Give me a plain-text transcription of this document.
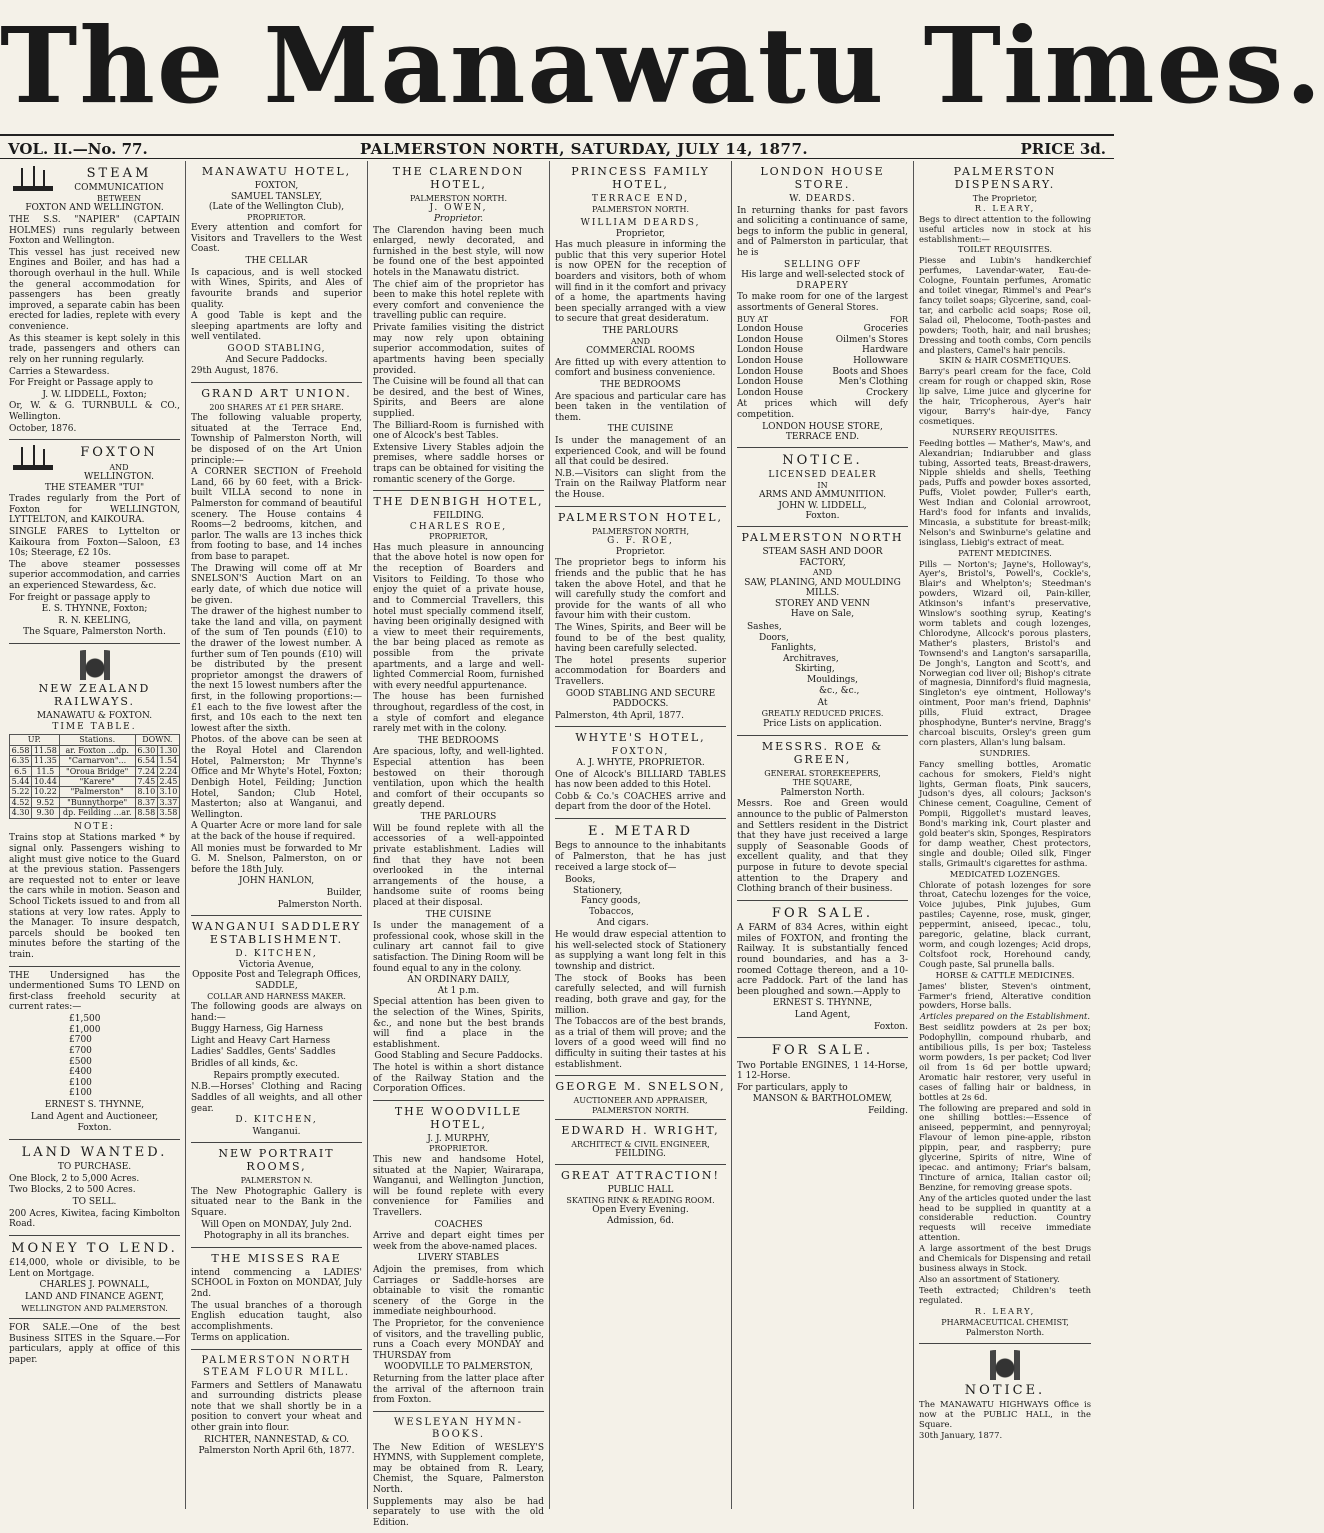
The Manawatu Times.
VOL. II.—No. 77.	PALMERSTON NORTH, SATURDAY, JULY 14, 1877.	PRICE 3d.
STEAM
COMMUNICATION
BETWEEN
FOXTON AND WELLINGTON.

THE S.S. "NAPIER" (CAPTAIN HOLMES) runs regularly between Foxton and Wellington.

This vessel has just received new Engines and Boiler, and has had a thorough overhaul in the hull. While the general accommodation for passengers has been greatly improved, a separate cabin has been erected for ladies, replete with every convenience.

As this steamer is kept solely in this trade, passengers and others can rely on her running regularly.

Carries a Stewardess.

For Freight or Passage apply to

J. W. LIDDELL, Foxton;

Or, W. & G. TURNBULL & CO., Wellington.

October, 1876.

FOXTON
AND
WELLINGTON.
THE STEAMER "TUI"

Trades regularly from the Port of Foxton for WELLINGTON, LYTTELTON, and KAIKOURA.

SINGLE FARES to Lyttelton or Kaikoura from Foxton—Saloon, £3 10s; Steerage, £2 10s.

The above steamer possesses superior accommodation, and carries an experienced Stewardess, &c.

For freight or passage apply to

E. S. THYNNE, Foxton;

R. N. KEELING,

The Square, Palmerston North.

NEW ZEALAND RAILWAYS.
MANAWATU & FOXTON.
TIME TABLE.
UP.		Stations.	DOWN.	
6.58	11.58	ar. Foxton ...dp.	6.30	1.30
6.35	11.35	"Carnarvon"...	6.54	1.54
6.5	11.5	"Oroua Bridge"	7.24	2.24
5.44	10.44	"Karere"	7.45	2.45
5.22	10.22	"Palmerston"	8.10	3.10
4.52	9.52	"Bunnythorpe"	8.37	3.37
4.30	9.30	dp. Feilding ...ar.	8.58	3.58
NOTE:

Trains stop at Stations marked * by signal only. Passengers wishing to alight must give notice to the Guard at the previous station. Passengers are requested not to enter or leave the cars while in motion. Season and School Tickets issued to and from all stations at very low rates. Apply to the Manager. To insure despatch, parcels should be booked ten minutes before the starting of the train.

THE Undersigned has the undermentioned Sums TO LEND on first-class freehold security at current rates:—

£1,500
£1,000
£700
£700
£500
£400
£100
£100

ERNEST S. THYNNE,

Land Agent and Auctioneer,

Foxton.

LAND WANTED.
TO PURCHASE.

One Block, 2 to 5,000 Acres.

Two Blocks, 2 to 500 Acres.

TO SELL.

200 Acres, Kiwitea, facing Kimbolton Road.

MONEY TO LEND.

£14,000, whole or divisible, to be Lent on Mortgage.

CHARLES J. POWNALL,

LAND AND FINANCE AGENT,

WELLINGTON AND PALMERSTON.

FOR SALE.—One of the best Business SITES in the Square.—For particulars, apply at office of this paper.

MANAWATU HOTEL,
FOXTON,
SAMUEL TANSLEY,
(Late of the Wellington Club),
PROPRIETOR.

Every attention and comfort for Visitors and Travellers to the West Coast.

THE CELLAR

Is capacious, and is well stocked with Wines, Spirits, and Ales of favourite brands and superior quality.

A good Table is kept and the sleeping apartments are lofty and well ventilated.

GOOD STABLING,
And Secure Paddocks.

29th August, 1876.

GRAND ART UNION.
200 SHARES AT £1 PER SHARE.

The following valuable property, situated at the Terrace End, Township of Palmerston North, will be disposed of on the Art Union principle:—

A CORNER SECTION of Freehold Land, 66 by 60 feet, with a Brick-built VILLA second to none in Palmerston for command of beautiful scenery. The House contains 4 Rooms—2 bedrooms, kitchen, and parlor. The walls are 13 inches thick from footing to base, and 14 inches from base to parapet.

The Drawing will come off at Mr SNELSON'S Auction Mart on an early date, of which due notice will be given.

The drawer of the highest number to take the land and villa, on payment of the sum of Ten pounds (£10) to the drawer of the lowest number. A further sum of Ten pounds (£10) will be distributed by the present proprietor amongst the drawers of the next 15 lowest numbers after the first, in the following proportions:—£1 each to the five lowest after the first, and 10s each to the next ten lowest after the sixth.

Photos. of the above can be seen at the Royal Hotel and Clarendon Hotel, Palmerston; Mr Thynne's Office and Mr Whyte's Hotel, Foxton; Denbigh Hotel, Feilding; Junction Hotel, Sandon; Club Hotel, Masterton; also at Wanganui, and Wellington.

A Quarter Acre or more land for sale at the back of the house if required.

All monies must be forwarded to Mr G. M. Snelson, Palmerston, on or before the 18th July.

JOHN HANLON,

Builder,

Palmerston North.

WANGANUI SADDLERY ESTABLISHMENT.
D. KITCHEN,
Victoria Avenue,
Opposite Post and Telegraph Offices,
SADDLE,
COLLAR AND HARNESS MAKER.

The following goods are always on hand:—

Buggy Harness, Gig Harness

Light and Heavy Cart Harness

Ladies' Saddles, Gents' Saddles

Bridles of all kinds, &c.

Repairs promptly executed.

N.B.—Horses' Clothing and Racing Saddles of all weights, and all other gear.

D. KITCHEN,

Wanganui.

NEW PORTRAIT ROOMS,
PALMERSTON N.

The New Photographic Gallery is situated near to the Bank in the Square.

Will Open on MONDAY, July 2nd.

Photography in all its branches.

THE MISSES RAE

intend commencing a LADIES' SCHOOL in Foxton on MONDAY, July 2nd.

The usual branches of a thorough English education taught, also accomplishments.

Terms on application.

PALMERSTON NORTH STEAM FLOUR MILL.

Farmers and Settlers of Manawatu and surrounding districts please note that we shall shortly be in a position to convert your wheat and other grain into flour.

RICHTER, NANNESTAD, & CO.

Palmerston North April 6th, 1877.

THE CLARENDON HOTEL,
PALMERSTON NORTH.
J. OWEN,
Proprietor.

The Clarendon having been much enlarged, newly decorated, and furnished in the best style, will now be found one of the best appointed hotels in the Manawatu district.

The chief aim of the proprietor has been to make this hotel replete with every comfort and convenience the travelling public can require.

Private families visiting the district may now rely upon obtaining superior accommodation, suites of apartments having been specially provided.

The Cuisine will be found all that can be desired, and the best of Wines, Spirits, and Beers are alone supplied.

The Billiard-Room is furnished with one of Alcock's best Tables.

Extensive Livery Stables adjoin the premises, where saddle horses or traps can be obtained for visiting the romantic scenery of the Gorge.

THE DENBIGH HOTEL,
FEILDING.
CHARLES ROE,
PROPRIETOR,

Has much pleasure in announcing that the above hotel is now open for the reception of Boarders and Visitors to Feilding. To those who enjoy the quiet of a private house, and to Commercial Travellers, this hotel must specially commend itself, having been originally designed with a view to meet their requirements, the bar being placed as remote as possible from the private apartments, and a large and well-lighted Commercial Room, furnished with every needful appurtenance.

The house has been furnished throughout, regardless of the cost, in a style of comfort and elegance rarely met with in the colony.

THE BEDROOMS

Are spacious, lofty, and well-lighted. Especial attention has been bestowed on their thorough ventilation, upon which the health and comfort of their occupants so greatly depend.

THE PARLOURS

Will be found replete with all the accessories of a well-appointed private establishment. Ladies will find that they have not been overlooked in the internal arrangements of the house, a handsome suite of rooms being placed at their disposal.

THE CUISINE

Is under the management of a professional cook, whose skill in the culinary art cannot fail to give satisfaction. The Dining Room will be found equal to any in the colony.

AN ORDINARY DAILY,
At 1 p.m.

Special attention has been given to the selection of the Wines, Spirits, &c., and none but the best brands will find a place in the establishment.

Good Stabling and Secure Paddocks.

The hotel is within a short distance of the Railway Station and the Corporation Offices.

THE WOODVILLE HOTEL,
J. J. MURPHY,
PROPRIETOR.

This new and handsome Hotel, situated at the Napier, Wairarapa, Wanganui, and Wellington Junction, will be found replete with every convenience for Families and Travellers.

COACHES

Arrive and depart eight times per week from the above-named places.

LIVERY STABLES

Adjoin the premises, from which Carriages or Saddle-horses are obtainable to visit the romantic scenery of the Gorge in the immediate neighbourhood.

The Proprietor, for the convenience of visitors, and the travelling public, runs a Coach every MONDAY and THURSDAY from

WOODVILLE TO PALMERSTON,

Returning from the latter place after the arrival of the afternoon train from Foxton.

WESLEYAN HYMN-BOOKS.

The New Edition of WESLEY'S HYMNS, with Supplement complete, may be obtained from R. Leary, Chemist, the Square, Palmerston North.

Supplements may also be had separately to use with the old Edition.

PRINCESS FAMILY HOTEL,
TERRACE END,
PALMERSTON NORTH.
WILLIAM DEARDS,
Proprietor,

Has much pleasure in informing the public that this very superior Hotel is now OPEN for the reception of boarders and visitors, both of whom will find in it the comfort and privacy of a home, the apartments having been specially arranged with a view to secure that great desideratum.

THE PARLOURS
AND
COMMERCIAL ROOMS

Are fitted up with every attention to comfort and business convenience.

THE BEDROOMS

Are spacious and particular care has been taken in the ventilation of them.

THE CUISINE

Is under the management of an experienced Cook, and will be found all that could be desired.

N.B.—Visitors can slight from the Train on the Railway Platform near the House.

PALMERSTON HOTEL,
PALMERSTON NORTH,
G. F. ROE,
Proprietor.

The proprietor begs to inform his friends and the public that he has taken the above Hotel, and that he will carefully study the comfort and provide for the wants of all who favour him with their custom.

The Wines, Spirits, and Beer will be found to be of the best quality, having been carefully selected.

The hotel presents superior accommodation for Boarders and Travellers.

GOOD STABLING AND SECURE PADDOCKS.

Palmerston, 4th April, 1877.

WHYTE'S HOTEL,
FOXTON,
A. J. WHYTE, PROPRIETOR.

One of Alcock's BILLIARD TABLES has now been added to this Hotel.

Cobb & Co.'s COACHES arrive and depart from the door of the Hotel.

E. METARD

Begs to announce to the inhabitants of Palmerston, that he has just received a large stock of—

Books,
Stationery,
Fancy goods,
Tobaccos,
And cigars.

He would draw especial attention to his well-selected stock of Stationery as supplying a want long felt in this township and district.

The stock of Books has been carefully selected, and will furnish reading, both grave and gay, for the million.

The Tobaccos are of the best brands, as a trial of them will prove; and the lovers of a good weed will find no difficulty in suiting their tastes at his establishment.

GEORGE M. SNELSON,
AUCTIONEER AND APPRAISER,
PALMERSTON NORTH.
EDWARD H. WRIGHT,
ARCHITECT & CIVIL ENGINEER,
FEILDING.
GREAT ATTRACTION!
PUBLIC HALL
SKATING RINK & READING ROOM.
Open Every Evening.
Admission, 6d.
LONDON HOUSE STORE.
W. DEARDS.

In returning thanks for past favors and soliciting a continuance of same, begs to inform the public in general, and of Palmerston in particular, that he is

SELLING OFF
His large and well-selected stock of
DRAPERY

To make room for one of the largest assortments of General Stores.

BUY AT	FOR
London House	Groceries
London House	Oilmen's Stores
London House	Hardware
London House	Hollowware
London House	Boots and Shoes
London House	Men's Clothing
London House	Crockery

At prices which will defy competition.

LONDON HOUSE STORE,
TERRACE END.
NOTICE.
LICENSED DEALER
IN
ARMS AND AMMUNITION.
JOHN W. LIDDELL,
Foxton.
PALMERSTON NORTH
STEAM SASH AND DOOR
FACTORY,
AND
SAW, PLANING, AND MOULDING MILLS.
STOREY AND VENN
Have on Sale,
Sashes,
Doors,
Fanlights,
Architraves,
Skirting,
Mouldings,
&c., &c.,
At
GREATLY REDUCED PRICES.

Price Lists on application.

MESSRS. ROE & GREEN,
GENERAL STOREKEEPERS,
THE SQUARE,
Palmerston North.

Messrs. Roe and Green would announce to the public of Palmerston and Settlers resident in the District that they have just received a large supply of Seasonable Goods of excellent quality, and that they purpose in future to devote special attention to the Drapery and Clothing branch of their business.

FOR SALE.

A FARM of 834 Acres, within eight miles of FOXTON, and fronting the Railway. It is substantially fenced round boundaries, and has a 3-roomed Cottage thereon, and a 10-acre Paddock. Part of the land has been ploughed and sown.—Apply to

ERNEST S. THYNNE,

Land Agent,

Foxton.

FOR SALE.

Two Portable ENGINES, 1 14-Horse, 1 12-Horse.

For particulars, apply to

MANSON & BARTHOLOMEW,

Feilding.

PALMERSTON DISPENSARY.
The Proprietor,
R. LEARY,

Begs to direct attention to the following useful articles now in stock at his establishment:—

TOILET REQUISITES.

Piesse and Lubin's handkerchief perfumes, Lavendar-water, Eau-de-Cologne, Fountain perfumes, Aromatic and toilet vinegar, Rimmel's and Pear's fancy toilet soaps; Glycerine, sand, coal-tar, and carbolic acid soaps; Rose oil, Salad oil, Phelocome, Tooth-pastes and powders; Tooth, hair, and nail brushes; Dressing and tooth combs, Corn pencils and plasters, Camel's hair pencils.

SKIN & HAIR COSMETIQUES.

Barry's pearl cream for the face, Cold cream for rough or chapped skin, Rose lip salve, Lime juice and glycerine for the hair, Tricopherous, Ayer's hair vigour, Barry's hair-dye, Fancy cosmetiques.

NURSERY REQUISITES.

Feeding bottles — Mather's, Maw's, and Alexandrian; Indiarubber and glass tubing, Assorted teats, Breast-drawers, Nipple shields and shells, Teething pads, Puffs and powder boxes assorted, Puffs, Violet powder, Fuller's earth, West Indian and Colonial arrowroot, Hard's food for infants and invalids, Mincasia, a substitute for breast-milk; Nelson's and Swinburne's gelatine and isinglass, Liebig's extract of meat.

PATENT MEDICINES.

Pills — Norton's; Jayne's, Holloway's, Ayer's, Bristol's, Powell's, Cockle's, Blair's and Whelpton's; Steedman's powders, Wizard oil, Pain-killer, Atkinson's infant's preservative, Winslow's soothing syrup, Keating's worm tablets and cough lozenges, Chlorodyne, Allcock's porous plasters, Mather's plasters, Bristol's and Townsend's and Langton's sarsaparilla, De Jongh's, Langton and Scott's, and Norwegian cod liver oil; Bishop's citrate of magnesia, Dinniford's fluid magnesia, Singleton's eye ointment, Holloway's ointment, Poor man's friend, Daphnis' pills, Fluid extract, Dragee phosphodyne, Bunter's nervine, Bragg's charcoal biscuits, Orsley's green gum corn plasters, Allan's lung balsam.

SUNDRIES.

Fancy smelling bottles, Aromatic cachous for smokers, Field's night lights, German floats, Pink saucers, Judson's dyes, all colours; Jackson's Chinese cement, Coaguline, Cement of Pompii, Riggollet's mustard leaves, Bond's marking ink, Court plaster and gold beater's skin, Sponges, Respirators for damp weather, Chest protectors, single and double; Oiled silk, Finger stalls, Grimault's cigarettes for asthma.

MEDICATED LOZENGES.

Chlorate of potash lozenges for sore throat, Catechu lozenges for the voice, Voice jujubes, Pink jujubes, Gum pastiles; Cayenne, rose, musk, ginger, peppermint, aniseed, ipecac., tolu, paregoric, gelatine, black currant, worm, and cough lozenges; Acid drops, Coltsfoot rock, Horehound candy, Cough paste, Sal prunella balls.

HORSE & CATTLE MEDICINES.

James' blister, Steven's ointment, Farmer's friend, Alterative condition powders, Horse balls.

Articles prepared on the Establishment.

Best seidlitz powders at 2s per box; Podophyllin, compound rhubarb, and antibilious pills, 1s per box; Tasteless worm powders, 1s per packet; Cod liver oil from 1s 6d per bottle upward; Aromatic hair restorer, very useful in cases of falling hair or baldness, in bottles at 2s 6d.

The following are prepared and sold in one shilling bottles:—Essence of aniseed, peppermint, and pennyroyal; Flavour of lemon pine-apple, ribston pippin, pear, and raspberry; pure glycerine, Spirits of nitre, Wine of ipecac. and antimony; Friar's balsam, Tincture of arnica, Italian castor oil; Benzine, for removing grease spots.

Any of the articles quoted under the last head to be supplied in quantity at a considerable reduction. Country requests will receive immediate attention.

A large assortment of the best Drugs and Chemicals for Dispensing and retail business always in Stock.

Also an assortment of Stationery.

Teeth extracted; Children's teeth regulated.

R. LEARY,

PHARMACEUTICAL CHEMIST,

Palmerston North.

NOTICE.

The MANAWATU HIGHWAYS Office is now at the PUBLIC HALL, in the Square.

30th January, 1877.
